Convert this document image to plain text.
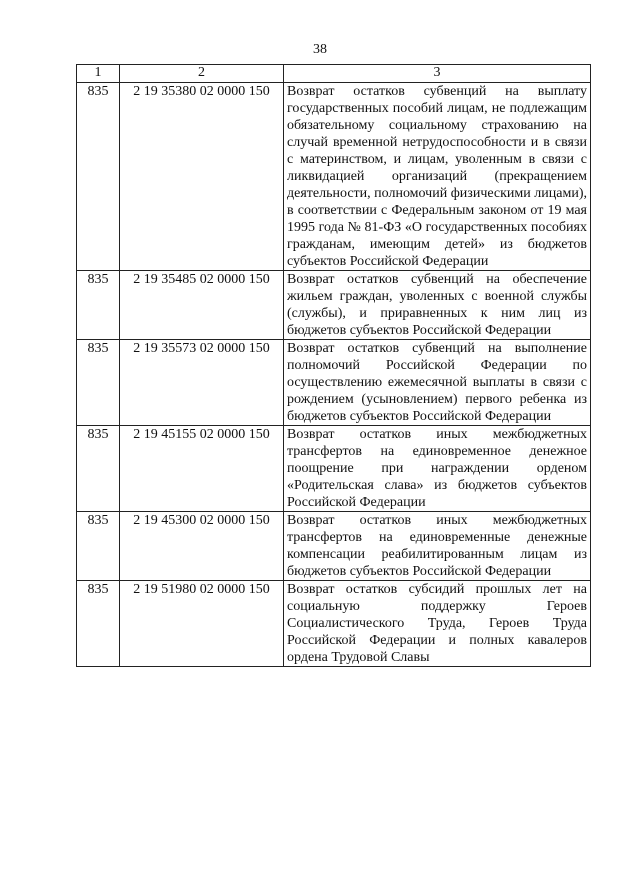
38
1	2	3
835	2 19 35380 02 0000 150	Возврат остатков субвенций на выплату государственных пособий лицам, не подлежащим обязательному социальному страхованию на случай временной нетрудоспособности и в связи с материнством, и лицам, уволенным в связи с ликвидацией организаций (прекращением деятельности, полномочий физическими лицами), в соответствии с Федеральным законом от 19 мая 1995 года № 81-ФЗ «О государственных пособиях гражданам, имеющим детей» из бюджетов субъектов Российской Федерации
835	2 19 35485 02 0000 150	Возврат остатков субвенций на обеспечение жильем граждан, уволенных с военной службы (службы), и приравненных к ним лиц из бюджетов субъектов Российской Федерации
835	2 19 35573 02 0000 150	Возврат остатков субвенций на выполнение полномочий Российской Федерации по осуществлению ежемесячной выплаты в связи с рождением (усыновлением) первого ребенка из бюджетов субъектов Российской Федерации
835	2 19 45155 02 0000 150	Возврат остатков иных межбюджетных трансфертов на единовременное денежное поощрение при награждении орденом «Родительская слава» из бюджетов субъектов Российской Федерации
835	2 19 45300 02 0000 150	Возврат остатков иных межбюджетных трансфертов на единовременные денежные компенсации реабилитированным лицам из бюджетов субъектов Российской Федерации
835	2 19 51980 02 0000 150	Возврат остатков субсидий прошлых лет на социальную поддержку Героев Социалистического Труда, Героев Труда Российской Федерации и полных кавалеров ордена Трудовой Славы
